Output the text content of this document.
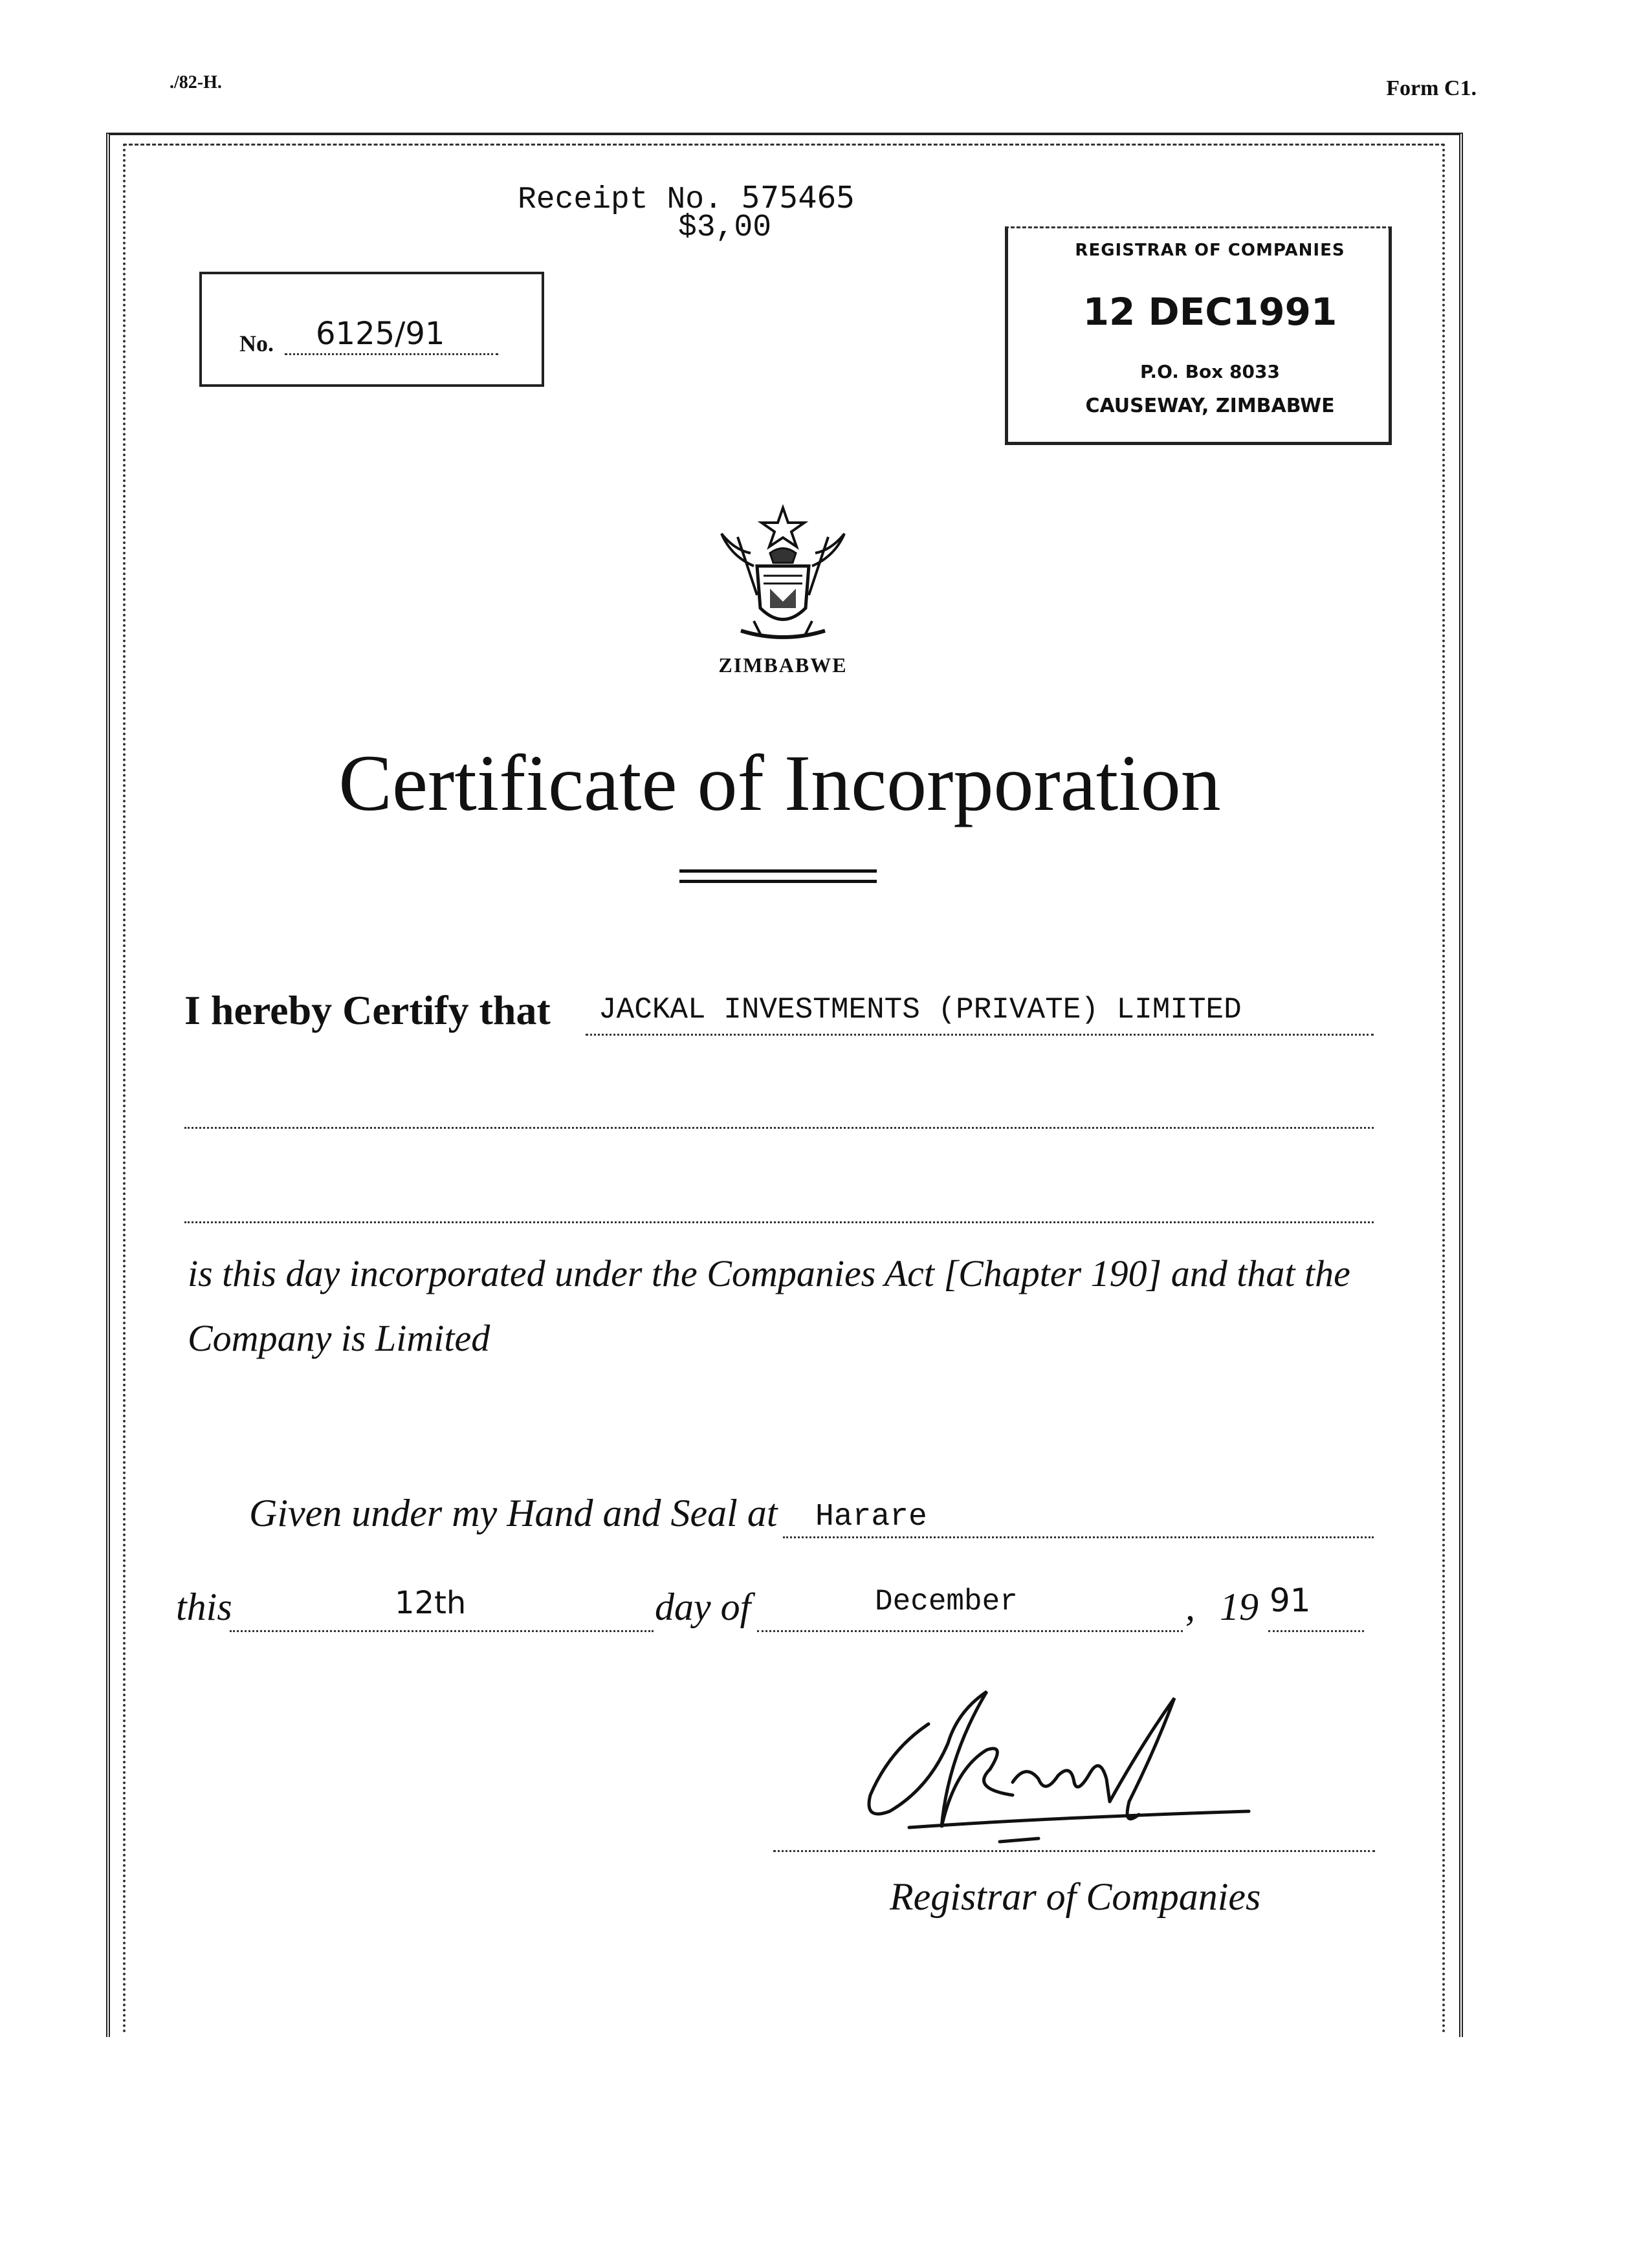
./82-H.	Form C1.
Receipt No. 575465
$3,00
No. 6125/91
REGISTRAR OF COMPANIES
12 DEC1991
P.O. Box 8033
CAUSEWAY, ZIMBABWE
ZIMBABWE
Certificate of Incorporation
I hereby Certify that JACKAL INVESTMENTS (PRIVATE) LIMITED
is this day incorporated under the Companies Act [Chapter 190] and that the
Company is Limited
Given under my Hand and Seal at Harare
this	12th	day of	December	, 19 91
Registrar of Companies
